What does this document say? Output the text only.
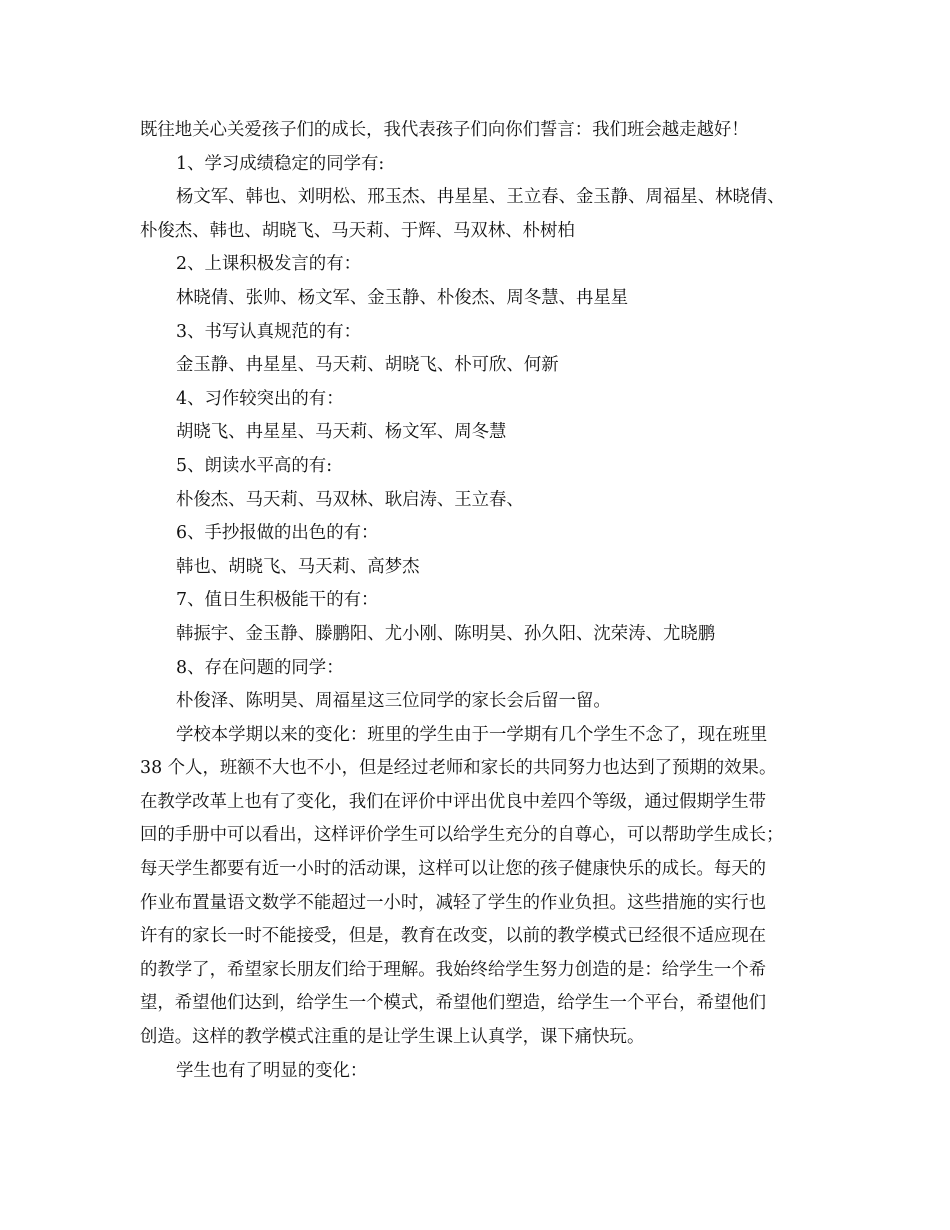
既往地关心关爱孩子们的成长，我代表孩子们向你们誓言：我们班会越走越好！
1、学习成绩稳定的同学有:
杨文军、韩也、刘明松、邢玉杰、冉星星、王立春、金玉静、周福星、林晓倩、
朴俊杰、韩也、胡晓飞、马天莉、于辉、马双林、朴树柏
2、上课积极发言的有：
林晓倩、张帅、杨文军、金玉静、朴俊杰、周冬慧、冉星星
3、书写认真规范的有：
金玉静、冉星星、马天莉、胡晓飞、朴可欣、何新
4、习作较突出的有：
胡晓飞、冉星星、马天莉、杨文军、周冬慧
5、朗读水平高的有:
朴俊杰、马天莉、马双林、耿启涛、王立春、
6、手抄报做的出色的有：
韩也、胡晓飞、马天莉、高梦杰
7、值日生积极能干的有：
韩振宇、金玉静、滕鹏阳、尤小刚、陈明昊、孙久阳、沈荣涛、尤晓鹏
8、存在问题的同学：
朴俊泽、陈明昊、周福星这三位同学的家长会后留一留。
学校本学期以来的变化：班里的学生由于一学期有几个学生不念了，现在班里
38 个人，班额不大也不小，但是经过老师和家长的共同努力也达到了预期的效果。
在教学改革上也有了变化，我们在评价中评出优良中差四个等级，通过假期学生带
回的手册中可以看出，这样评价学生可以给学生充分的自尊心，可以帮助学生成长；
每天学生都要有近一小时的活动课，这样可以让您的孩子健康快乐的成长。每天的
作业布置量语文数学不能超过一小时，减轻了学生的作业负担。这些措施的实行也
许有的家长一时不能接受，但是，教育在改变，以前的教学模式已经很不适应现在
的教学了，希望家长朋友们给于理解。我始终给学生努力创造的是：给学生一个希
望，希望他们达到，给学生一个模式，希望他们塑造，给学生一个平台，希望他们
创造。这样的教学模式注重的是让学生课上认真学，课下痛快玩。
学生也有了明显的变化：
